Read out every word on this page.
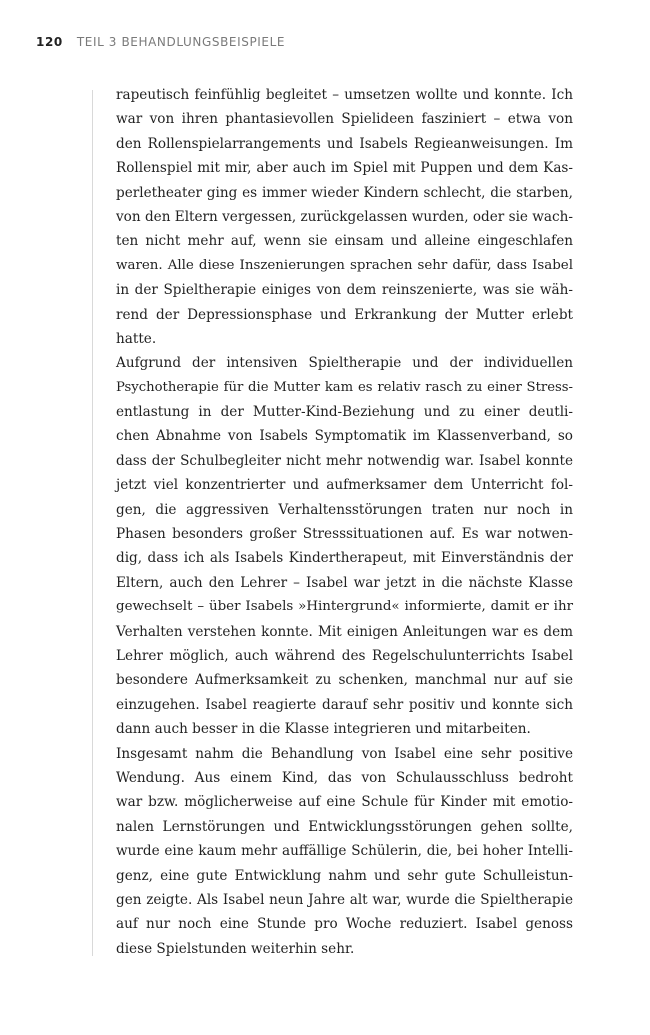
120 TEIL 3 BEHANDLUNGSBEISPIELE
rapeutisch feinfühlig begleitet – umsetzen wollte und konnte. Ich
war von ihren phantasievollen Spielideen fasziniert – etwa von
den Rollenspielarrangements und Isabels Regieanweisungen. Im
Rollenspiel mit mir, aber auch im Spiel mit Puppen und dem Kas-
perletheater ging es immer wieder Kindern schlecht, die starben,
von den Eltern vergessen, zurückgelassen wurden, oder sie wach-
ten nicht mehr auf, wenn sie einsam und alleine eingeschlafen
waren. Alle diese Inszenierungen sprachen sehr dafür, dass Isabel
in der Spieltherapie einiges von dem reinszenierte, was sie wäh-
rend der Depressionsphase und Erkrankung der Mutter erlebt
hatte.
Aufgrund der intensiven Spieltherapie und der individuellen
Psychotherapie für die Mutter kam es relativ rasch zu einer Stress-
entlastung in der Mutter-Kind-Beziehung und zu einer deutli-
chen Abnahme von Isabels Symptomatik im Klassenverband, so
dass der Schulbegleiter nicht mehr notwendig war. Isabel konnte
jetzt viel konzentrierter und aufmerksamer dem Unterricht fol-
gen, die aggressiven Verhaltensstörungen traten nur noch in
Phasen besonders großer Stresssituationen auf. Es war notwen-
dig, dass ich als Isabels Kindertherapeut, mit Einverständnis der
Eltern, auch den Lehrer – Isabel war jetzt in die nächste Klasse
gewechselt – über Isabels »Hintergrund« informierte, damit er ihr
Verhalten verstehen konnte. Mit einigen Anleitungen war es dem
Lehrer möglich, auch während des Regelschulunterrichts Isabel
besondere Aufmerksamkeit zu schenken, manchmal nur auf sie
einzugehen. Isabel reagierte darauf sehr positiv und konnte sich
dann auch besser in die Klasse integrieren und mitarbeiten.
Insgesamt nahm die Behandlung von Isabel eine sehr positive
Wendung. Aus einem Kind, das von Schulausschluss bedroht
war bzw. möglicherweise auf eine Schule für Kinder mit emotio-
nalen Lernstörungen und Entwicklungsstörungen gehen sollte,
wurde eine kaum mehr auffällige Schülerin, die, bei hoher Intelli-
genz, eine gute Entwicklung nahm und sehr gute Schulleistun-
gen zeigte. Als Isabel neun Jahre alt war, wurde die Spieltherapie
auf nur noch eine Stunde pro Woche reduziert. Isabel genoss
diese Spielstunden weiterhin sehr.
